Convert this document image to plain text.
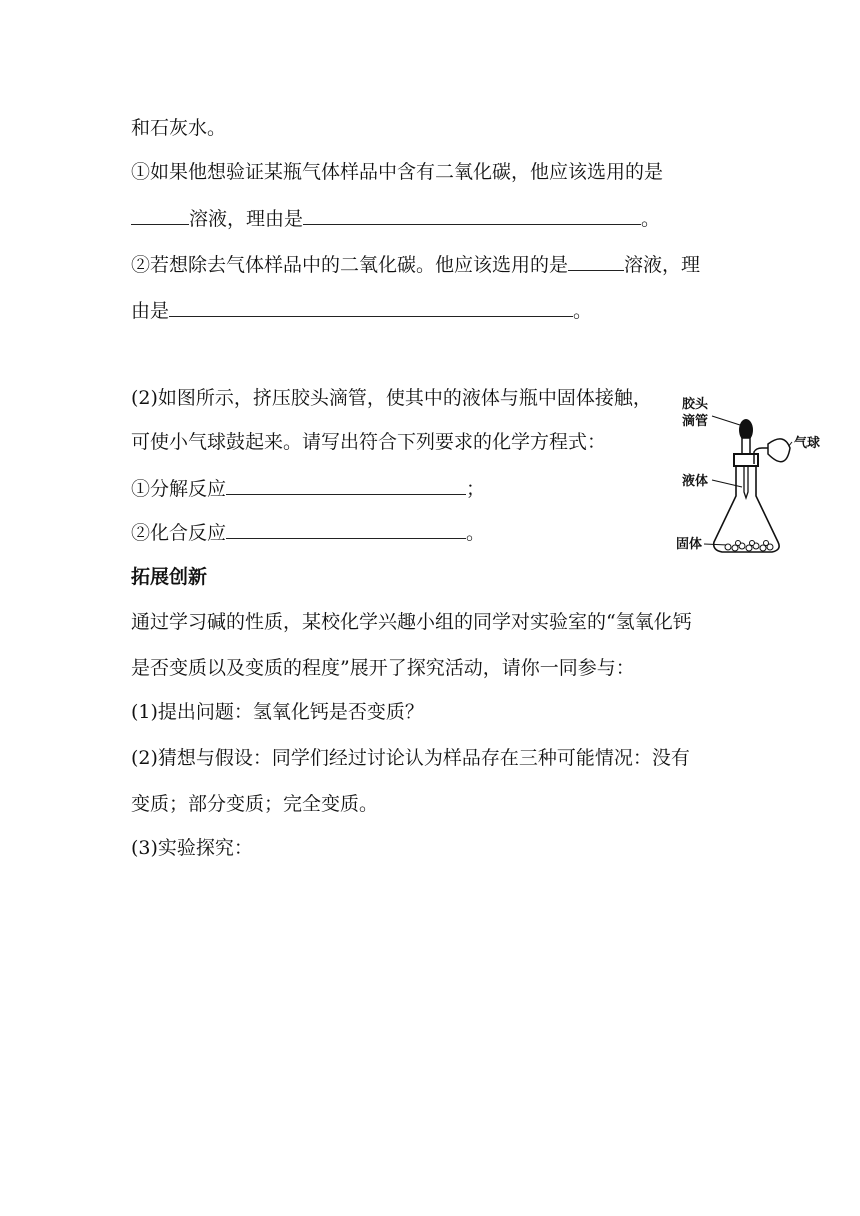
和石灰水。
①如果他想验证某瓶气体样品中含有二氧化碳，他应该选用的是
溶液，理由是	。
②若想除去气体样品中的二氧化碳。他应该选用的是	溶液，理
由是	。
(2)如图所示，挤压胶头滴管，使其中的液体与瓶中固体接触，
可使小气球鼓起来。请写出符合下列要求的化学方程式：
①分解反应	；
②化合反应	。
胶头
滴管
气球
液体
固体
拓展创新
通过学习碱的性质，某校化学兴趣小组的同学对实验室的“氢氧化钙
是否变质以及变质的程度”展开了探究活动，请你一同参与：
(1)提出问题：氢氧化钙是否变质？
(2)猜想与假设：同学们经过讨论认为样品存在三种可能情况：没有
变质；部分变质；完全变质。
(3)实验探究：
